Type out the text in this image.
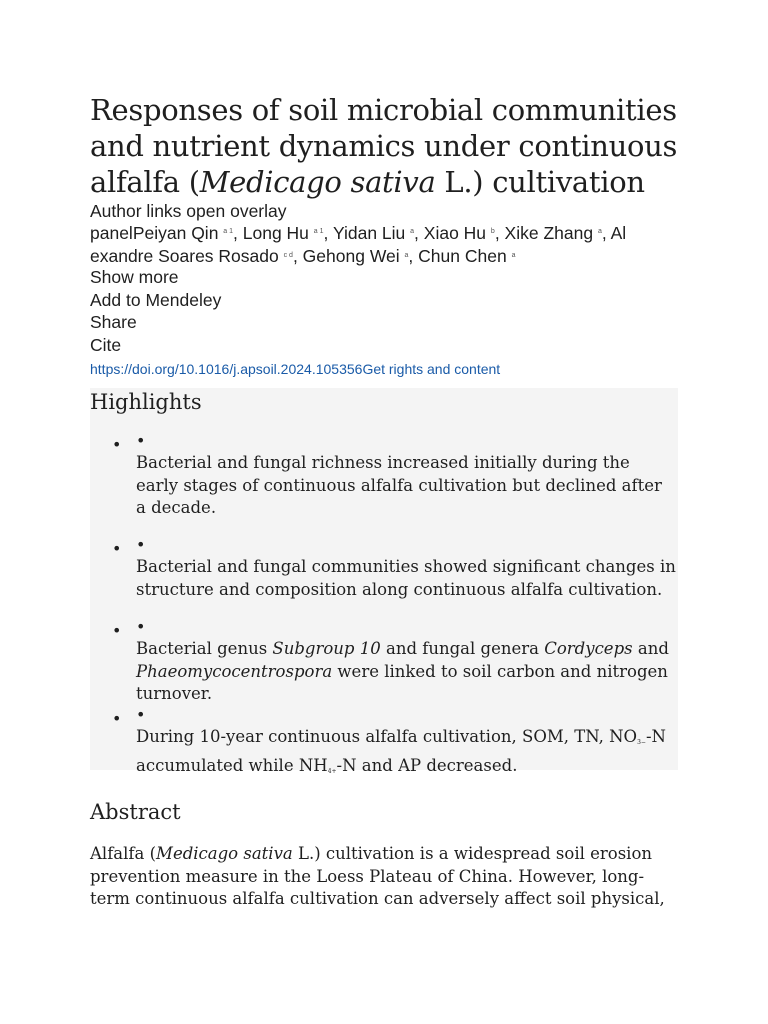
Responses of soil microbial communities and nutrient dynamics under continuous alfalfa (Medicago sativa L.) cultivation
Author links open overlay
panelPeiyan Qin a 1, Long Hu a 1, Yidan Liu a, Xiao Hu b, Xike Zhang a, Al
exandre Soares Rosado c d, Gehong Wei a, Chun Chen a
Show more
Add to Mendeley
Share
Cite
https://doi.org/10.1016/j.apsoil.2024.105356Get rights and content
Highlights
• •
Bacterial and fungal richness increased initially during the early stages of continuous alfalfa cultivation but declined after a decade.
• •
Bacterial and fungal communities showed significant changes in structure and composition along continuous alfalfa cultivation.
• •
Bacterial genus Subgroup 10 and fungal genera Cordyceps and Phaeomycocentrospora were linked to soil carbon and nitrogen turnover.
• •
During 10-year continuous alfalfa cultivation, SOM, TN, NO3−-N accumulated while NH4+-N and AP decreased.
Abstract

Alfalfa (Medicago sativa L.) cultivation is a widespread soil erosion prevention measure in the Loess Plateau of China. However, long-term continuous alfalfa cultivation can adversely affect soil physical,
